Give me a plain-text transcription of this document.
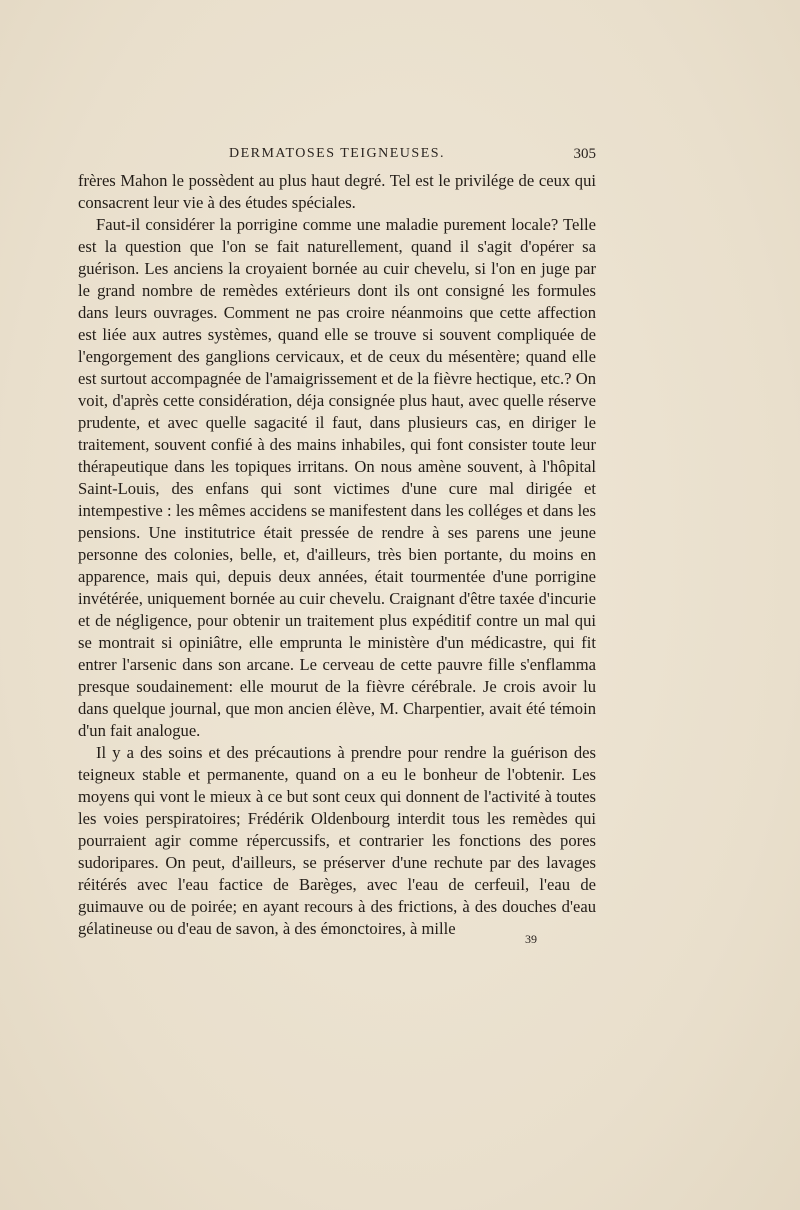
DERMATOSES TEIGNEUSES.	305

frères Mahon le possèdent au plus haut degré. Tel est le privilége de ceux qui consacrent leur vie à des études spéciales.

Faut-il considérer la porrigine comme une maladie purement locale? Telle est la question que l'on se fait naturellement, quand il s'agit d'opérer sa guérison. Les anciens la croyaient bornée au cuir chevelu, si l'on en juge par le grand nombre de remèdes extérieurs dont ils ont consigné les formules dans leurs ouvrages. Comment ne pas croire néanmoins que cette affection est liée aux autres systèmes, quand elle se trouve si souvent compliquée de l'engorgement des ganglions cervicaux, et de ceux du mésentère; quand elle est surtout accompagnée de l'amaigrissement et de la fièvre hectique, etc.? On voit, d'après cette considération, déja consignée plus haut, avec quelle réserve prudente, et avec quelle sagacité il faut, dans plusieurs cas, en diriger le traitement, souvent confié à des mains inhabiles, qui font consister toute leur thérapeutique dans les topiques irritans. On nous amène souvent, à l'hôpital Saint-Louis, des enfans qui sont victimes d'une cure mal dirigée et intempestive : les mêmes accidens se manifestent dans les colléges et dans les pensions. Une institutrice était pressée de rendre à ses parens une jeune personne des colonies, belle, et, d'ailleurs, très bien portante, du moins en apparence, mais qui, depuis deux années, était tourmentée d'une porrigine invétérée, uniquement bornée au cuir chevelu. Craignant d'être taxée d'incurie et de négligence, pour obtenir un traitement plus expéditif contre un mal qui se montrait si opiniâtre, elle emprunta le ministère d'un médicastre, qui fit entrer l'arsenic dans son arcane. Le cerveau de cette pauvre fille s'enflamma presque soudainement: elle mourut de la fièvre cérébrale. Je crois avoir lu dans quelque journal, que mon ancien élève, M. Charpentier, avait été témoin d'un fait analogue.

Il y a des soins et des précautions à prendre pour rendre la guérison des teigneux stable et permanente, quand on a eu le bonheur de l'obtenir. Les moyens qui vont le mieux à ce but sont ceux qui donnent de l'activité à toutes les voies perspiratoires; Frédérik Oldenbourg interdit tous les remèdes qui pourraient agir comme répercussifs, et contrarier les fonctions des pores sudoripares. On peut, d'ailleurs, se préserver d'une rechute par des lavages réitérés avec l'eau factice de Barèges, avec l'eau de cerfeuil, l'eau de guimauve ou de poirée; en ayant recours à des frictions, à des douches d'eau gélatineuse ou d'eau de savon, à des émonctoires, à mille

39
